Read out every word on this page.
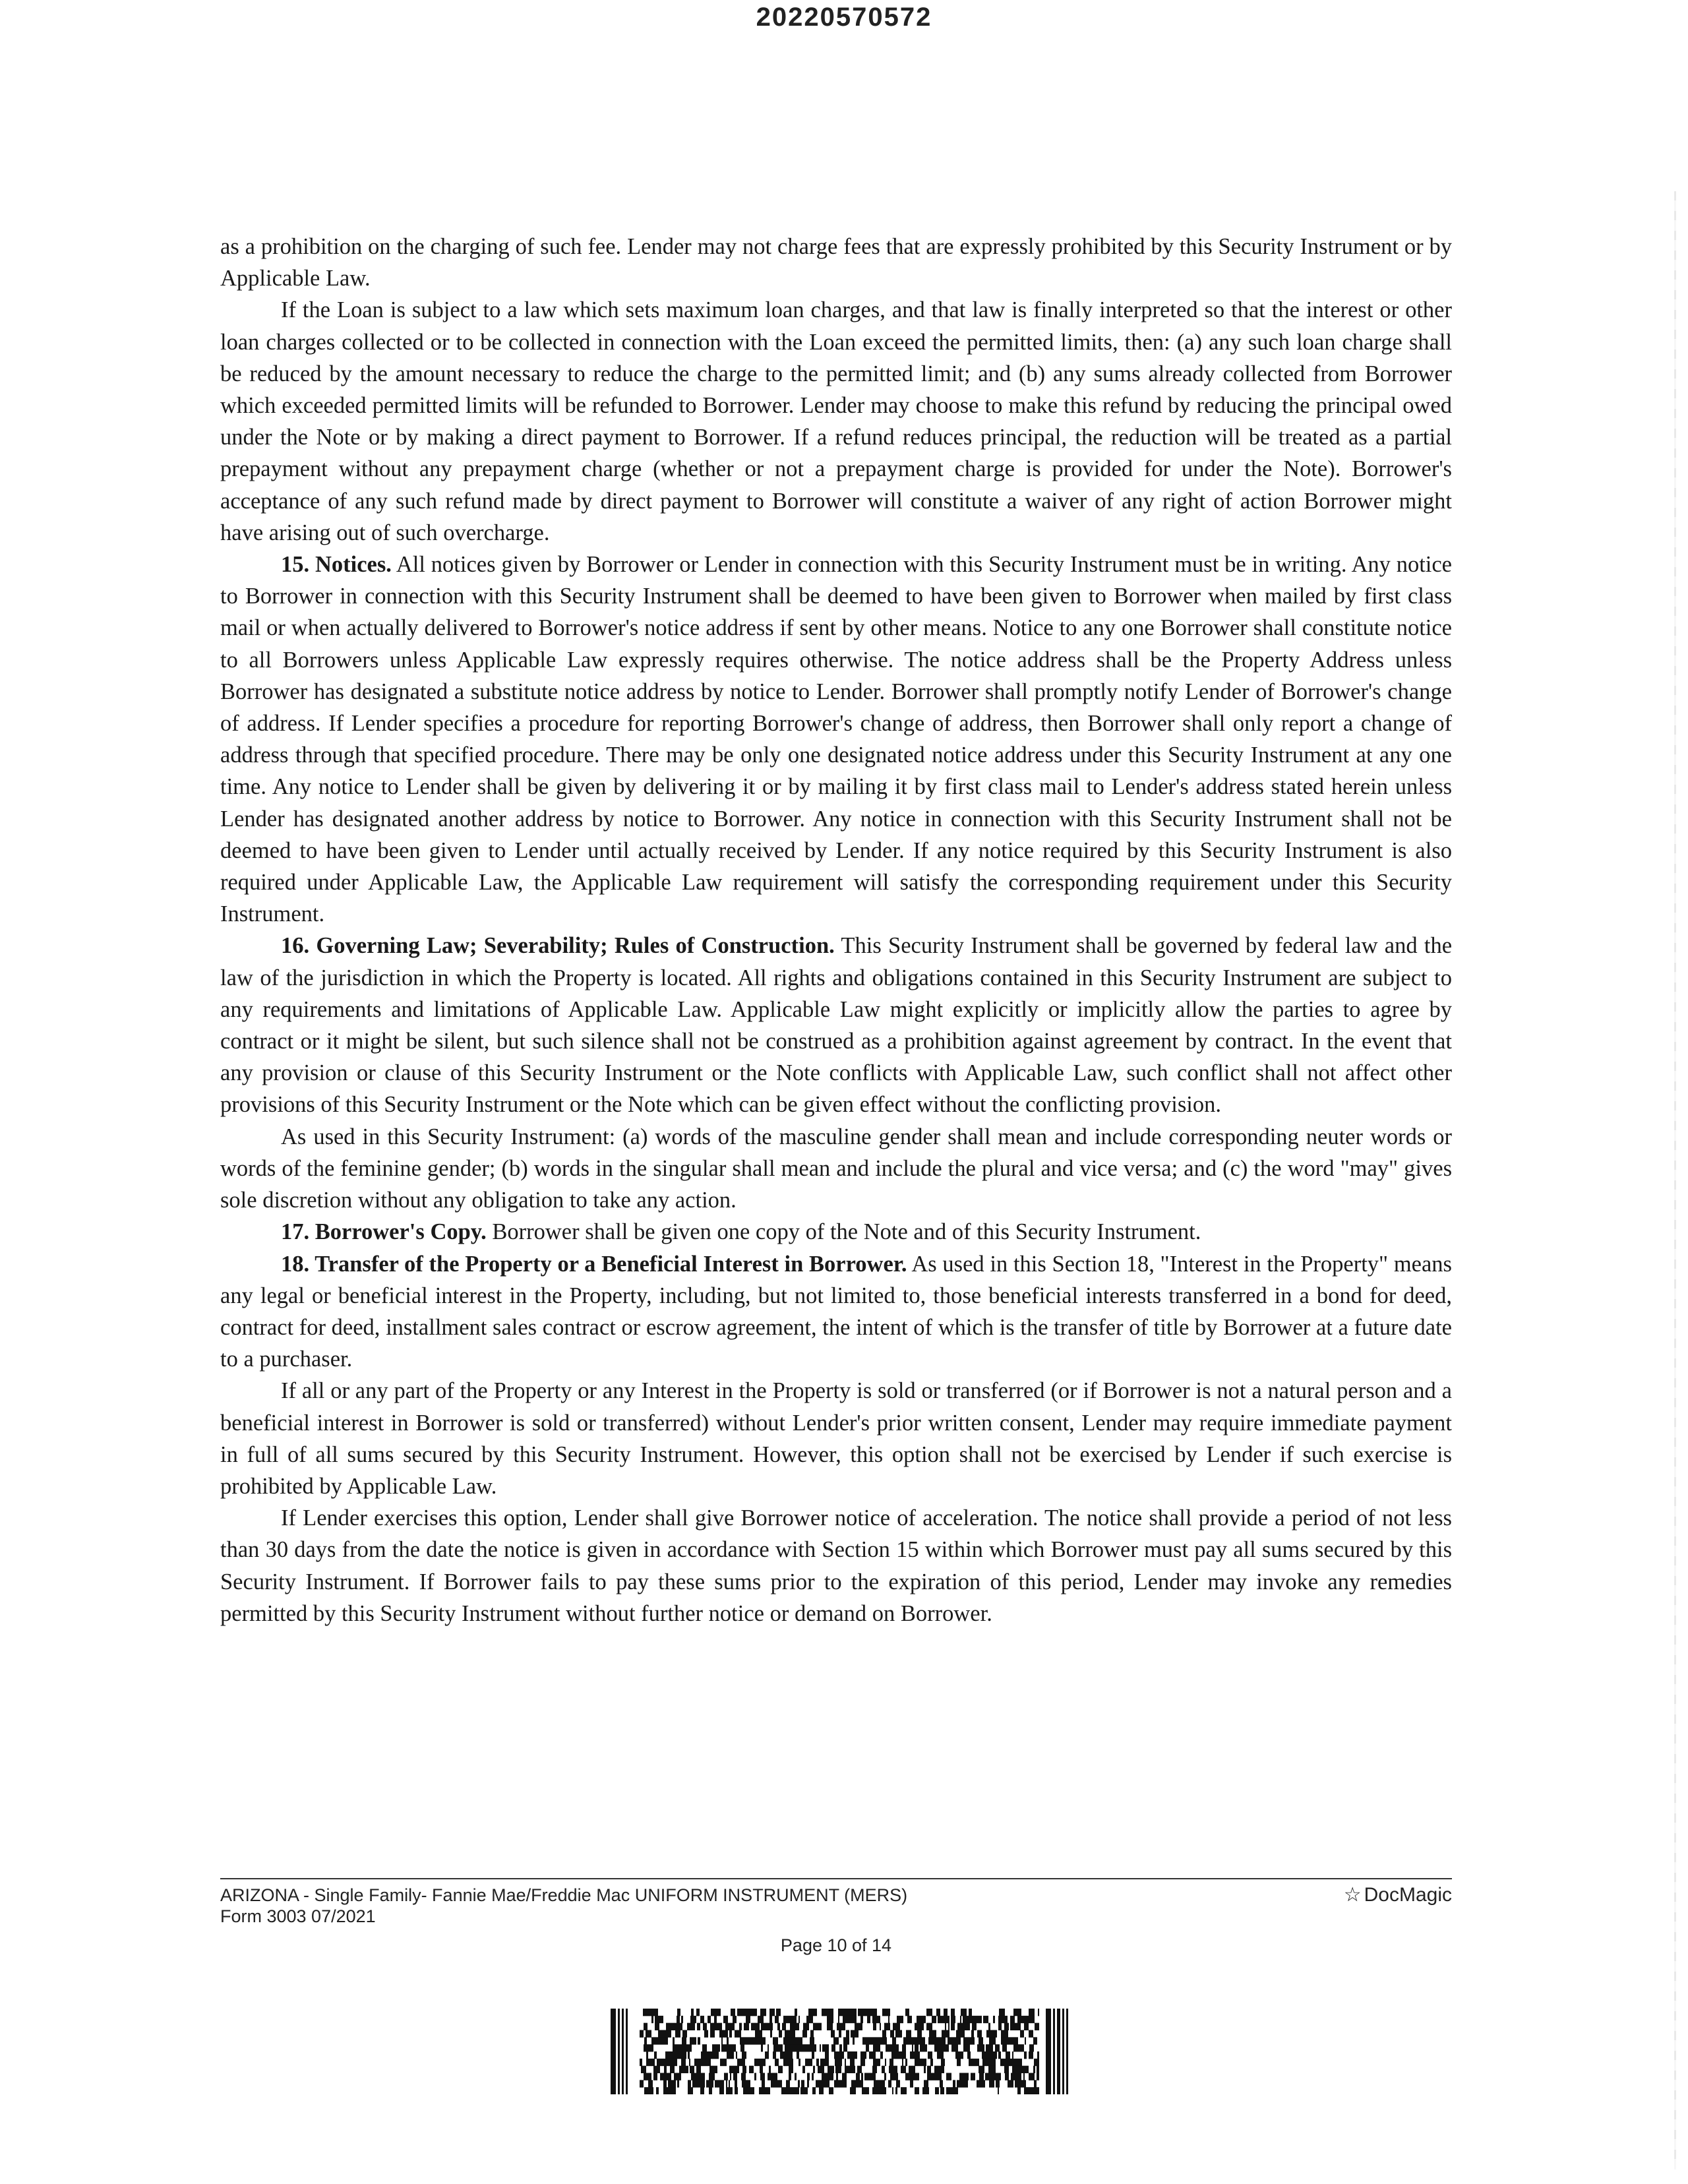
20220570572

as a prohibition on the charging of such fee. Lender may not charge fees that are expressly prohibited by this Security Instrument or by Applicable Law.

If the Loan is subject to a law which sets maximum loan charges, and that law is finally interpreted so that the interest or other loan charges collected or to be collected in connection with the Loan exceed the permitted limits, then: (a) any such loan charge shall be reduced by the amount necessary to reduce the charge to the permitted limit; and (b) any sums already collected from Borrower which exceeded permitted limits will be refunded to Borrower. Lender may choose to make this refund by reducing the principal owed under the Note or by making a direct payment to Borrower. If a refund reduces principal, the reduction will be treated as a partial prepayment without any prepayment charge (whether or not a prepayment charge is provided for under the Note). Borrower's acceptance of any such refund made by direct payment to Borrower will constitute a waiver of any right of action Borrower might have arising out of such overcharge.

15. Notices. All notices given by Borrower or Lender in connection with this Security Instrument must be in writing. Any notice to Borrower in connection with this Security Instrument shall be deemed to have been given to Borrower when mailed by first class mail or when actually delivered to Borrower's notice address if sent by other means. Notice to any one Borrower shall constitute notice to all Borrowers unless Applicable Law expressly requires otherwise. The notice address shall be the Property Address unless Borrower has designated a substitute notice address by notice to Lender. Borrower shall promptly notify Lender of Borrower's change of address. If Lender specifies a procedure for reporting Borrower's change of address, then Borrower shall only report a change of address through that specified procedure. There may be only one designated notice address under this Security Instrument at any one time. Any notice to Lender shall be given by delivering it or by mailing it by first class mail to Lender's address stated herein unless Lender has designated another address by notice to Borrower. Any notice in connection with this Security Instrument shall not be deemed to have been given to Lender until actually received by Lender. If any notice required by this Security Instrument is also required under Applicable Law, the Applicable Law requirement will satisfy the corresponding requirement under this Security Instrument.

16. Governing Law; Severability; Rules of Construction. This Security Instrument shall be governed by federal law and the law of the jurisdiction in which the Property is located. All rights and obligations contained in this Security Instrument are subject to any requirements and limitations of Applicable Law. Applicable Law might explicitly or implicitly allow the parties to agree by contract or it might be silent, but such silence shall not be construed as a prohibition against agreement by contract. In the event that any provision or clause of this Security Instrument or the Note conflicts with Applicable Law, such conflict shall not affect other provisions of this Security Instrument or the Note which can be given effect without the conflicting provision.

As used in this Security Instrument: (a) words of the masculine gender shall mean and include corresponding neuter words or words of the feminine gender; (b) words in the singular shall mean and include the plural and vice versa; and (c) the word "may" gives sole discretion without any obligation to take any action.

17. Borrower's Copy. Borrower shall be given one copy of the Note and of this Security Instrument.

18. Transfer of the Property or a Beneficial Interest in Borrower. As used in this Section 18, "Interest in the Property" means any legal or beneficial interest in the Property, including, but not limited to, those beneficial interests transferred in a bond for deed, contract for deed, installment sales contract or escrow agreement, the intent of which is the transfer of title by Borrower at a future date to a purchaser.

If all or any part of the Property or any Interest in the Property is sold or transferred (or if Borrower is not a natural person and a beneficial interest in Borrower is sold or transferred) without Lender's prior written consent, Lender may require immediate payment in full of all sums secured by this Security Instrument. However, this option shall not be exercised by Lender if such exercise is prohibited by Applicable Law.

If Lender exercises this option, Lender shall give Borrower notice of acceleration. The notice shall provide a period of not less than 30 days from the date the notice is given in accordance with Section 15 within which Borrower must pay all sums secured by this Security Instrument. If Borrower fails to pay these sums prior to the expiration of this period, Lender may invoke any remedies permitted by this Security Instrument without further notice or demand on Borrower.

ARIZONA - Single Family- Fannie Mae/Freddie Mac UNIFORM INSTRUMENT (MERS)
Form 3003 07/2021
☆ DocMagic
Page 10 of 14
